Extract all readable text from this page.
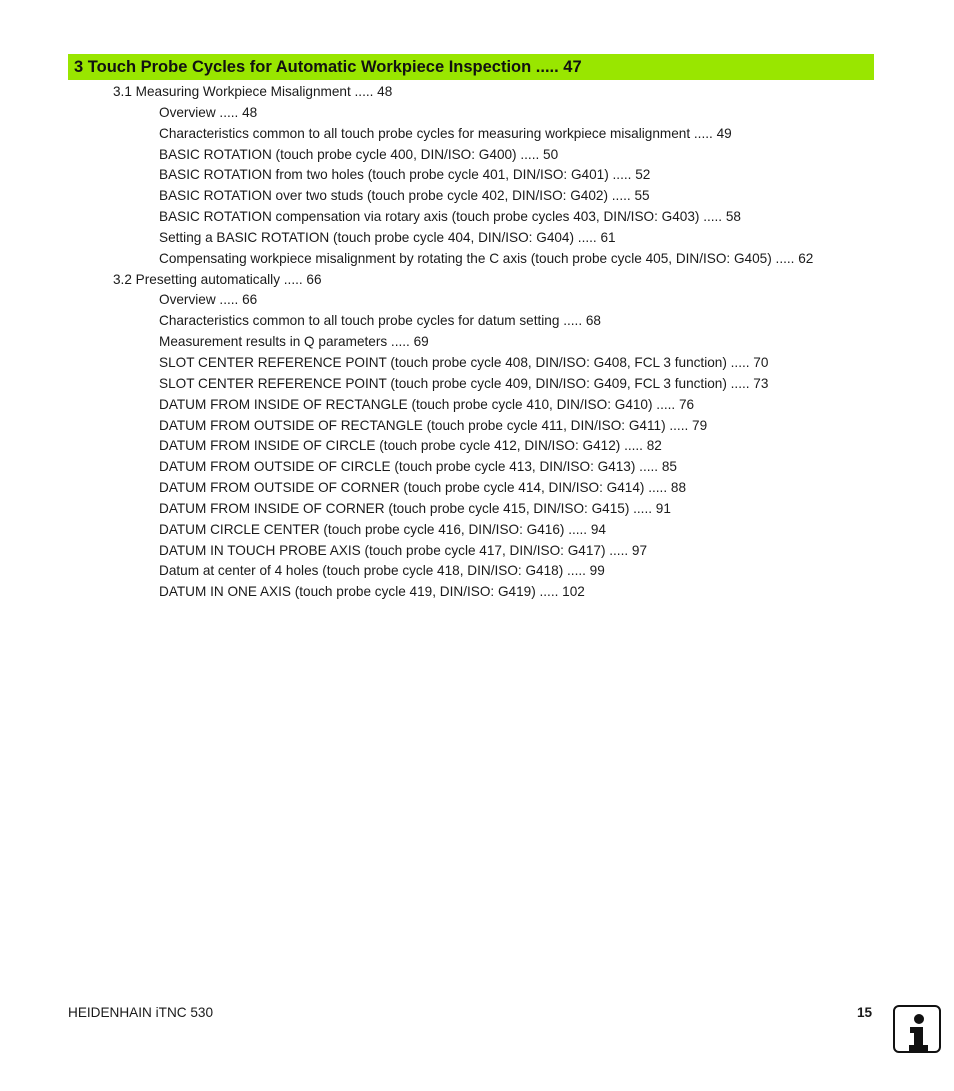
3 Touch Probe Cycles for Automatic Workpiece Inspection ..... 47
3.1 Measuring Workpiece Misalignment ..... 48
Overview ..... 48
Characteristics common to all touch probe cycles for measuring workpiece misalignment ..... 49
BASIC ROTATION (touch probe cycle 400, DIN/ISO: G400) ..... 50
BASIC ROTATION from two holes (touch probe cycle 401, DIN/ISO: G401) ..... 52
BASIC ROTATION over two studs (touch probe cycle 402, DIN/ISO: G402) ..... 55
BASIC ROTATION compensation via rotary axis (touch probe cycles 403, DIN/ISO: G403) ..... 58
Setting a BASIC ROTATION (touch probe cycle 404, DIN/ISO: G404) ..... 61
Compensating workpiece misalignment by rotating the C axis (touch probe cycle 405, DIN/ISO: G405) ..... 62
3.2 Presetting automatically ..... 66
Overview ..... 66
Characteristics common to all touch probe cycles for datum setting ..... 68
Measurement results in Q parameters ..... 69
SLOT CENTER REFERENCE POINT (touch probe cycle 408, DIN/ISO: G408, FCL 3 function) ..... 70
SLOT CENTER REFERENCE POINT (touch probe cycle 409, DIN/ISO: G409, FCL 3 function) ..... 73
DATUM FROM INSIDE OF RECTANGLE (touch probe cycle 410, DIN/ISO: G410) ..... 76
DATUM FROM OUTSIDE OF RECTANGLE (touch probe cycle 411, DIN/ISO: G411) ..... 79
DATUM FROM INSIDE OF CIRCLE (touch probe cycle 412, DIN/ISO: G412) ..... 82
DATUM FROM OUTSIDE OF CIRCLE (touch probe cycle 413, DIN/ISO: G413) ..... 85
DATUM FROM OUTSIDE OF CORNER (touch probe cycle 414, DIN/ISO: G414) ..... 88
DATUM FROM INSIDE OF CORNER (touch probe cycle 415, DIN/ISO: G415) ..... 91
DATUM CIRCLE CENTER (touch probe cycle 416, DIN/ISO: G416) ..... 94
DATUM IN TOUCH PROBE AXIS (touch probe cycle 417, DIN/ISO: G417) ..... 97
Datum at center of 4 holes (touch probe cycle 418, DIN/ISO: G418) ..... 99
DATUM IN ONE AXIS (touch probe cycle 419, DIN/ISO: G419) ..... 102
HEIDENHAIN iTNC 530	15
